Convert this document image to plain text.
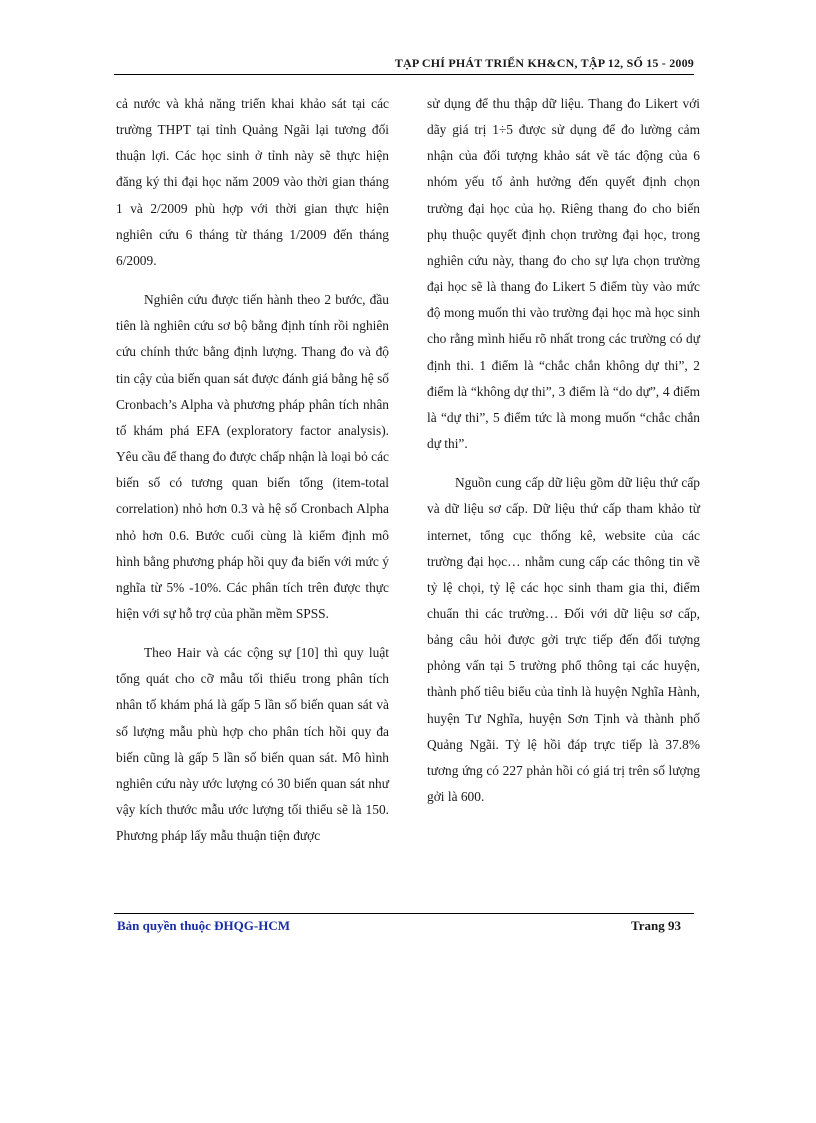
TẠP CHÍ PHÁT TRIỂN KH&CN, TẬP 12, SỐ 15 - 2009

cả nước và khả năng triển khai khảo sát tại các trường THPT tại tỉnh Quảng Ngãi lại tương đối thuận lợi. Các học sinh ở tỉnh này sẽ thực hiện đăng ký thi đại học năm 2009 vào thời gian tháng 1 và 2/2009 phù hợp với thời gian thực hiện nghiên cứu 6 tháng từ tháng 1/2009 đến tháng 6/2009.

Nghiên cứu được tiến hành theo 2 bước, đầu tiên là nghiên cứu sơ bộ bằng định tính rồi nghiên cứu chính thức bằng định lượng. Thang đo và độ tin cậy của biến quan sát được đánh giá bằng hệ số Cronbach’s Alpha và phương pháp phân tích nhân tố khám phá EFA (exploratory factor analysis). Yêu cầu để thang đo được chấp nhận là loại bỏ các biến số có tương quan biến tổng (item-total correlation) nhỏ hơn 0.3 và hệ số Cronbach Alpha nhỏ hơn 0.6. Bước cuối cùng là kiểm định mô hình bằng phương pháp hồi quy đa biến với mức ý nghĩa từ 5% -10%. Các phân tích trên được thực hiện với sự hỗ trợ của phần mềm SPSS.

Theo Hair và các cộng sự [10] thì quy luật tổng quát cho cỡ mẫu tối thiểu trong phân tích nhân tố khám phá là gấp 5 lần số biến quan sát và số lượng mẫu phù hợp cho phân tích hồi quy đa biến cũng là gấp 5 lần số biến quan sát. Mô hình nghiên cứu này ước lượng có 30 biến quan sát như vậy kích thước mẫu ước lượng tối thiểu sẽ là 150. Phương pháp lấy mẫu thuận tiện được

sử dụng để thu thập dữ liệu. Thang đo Likert với dãy giá trị 1÷5 được sử dụng để đo lường cảm nhận của đối tượng khảo sát về tác động của 6 nhóm yếu tố ảnh hưởng đến quyết định chọn trường đại học của họ. Riêng thang đo cho biến phụ thuộc quyết định chọn trường đại học, trong nghiên cứu này, thang đo cho sự lựa chọn trường đại học sẽ là thang đo Likert 5 điểm tùy vào mức độ mong muốn thi vào trường đại học mà học sinh cho rằng mình hiểu rõ nhất trong các trường có dự định thi. 1 điểm là “chắc chắn không dự thi”, 2 điểm là “không dự thi”, 3 điểm là “do dự”, 4 điểm là “dự thi”, 5 điểm tức là mong muốn “chắc chắn dự thi”.

Nguồn cung cấp dữ liệu gồm dữ liệu thứ cấp và dữ liệu sơ cấp. Dữ liệu thứ cấp tham khảo từ internet, tổng cục thống kê, website của các trường đại học… nhằm cung cấp các thông tin về tỷ lệ chọi, tỷ lệ các học sinh tham gia thi, điểm chuẩn thi các trường… Đối với dữ liệu sơ cấp, bảng câu hỏi được gởi trực tiếp đến đối tượng phỏng vấn tại 5 trường phổ thông tại các huyện, thành phố tiêu biểu của tỉnh là huyện Nghĩa Hành, huyện Tư Nghĩa, huyện Sơn Tịnh và thành phố Quảng Ngãi. Tỷ lệ hồi đáp trực tiếp là 37.8% tương ứng có 227 phản hồi có giá trị trên số lượng gởi là 600.

Bản quyền thuộc ĐHQG-HCM	Trang 93
